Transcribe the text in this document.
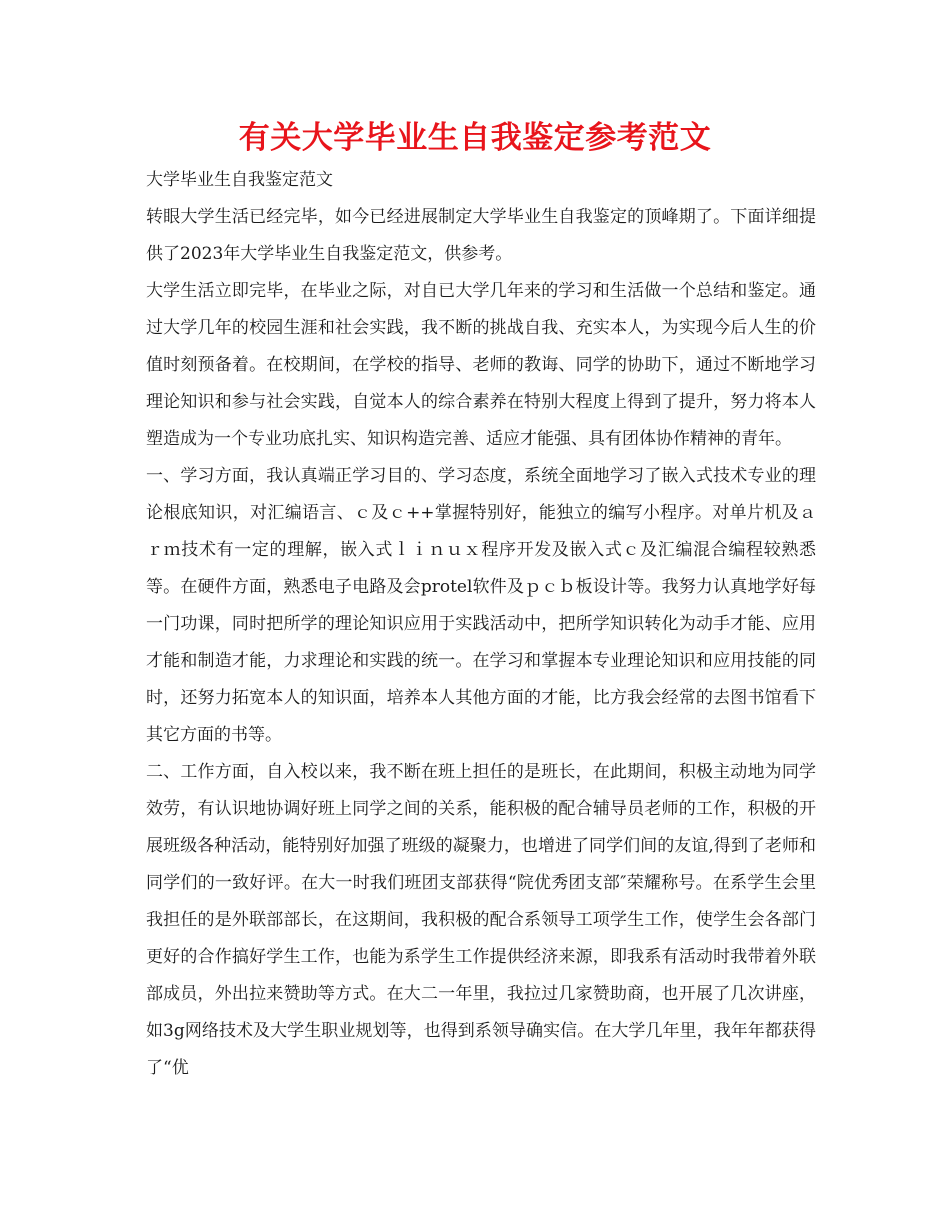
有关大学毕业生自我鉴定参考范文

大学毕业生自我鉴定范文

转眼大学生活已经完毕，如今已经进展制定大学毕业生自我鉴定的顶峰期了。下面详细提供了2023年大学毕业生自我鉴定范文，供参考。

大学生活立即完毕，在毕业之际，对自已大学几年来的学习和生活做一个总结和鉴定。通过大学几年的校园生涯和社会实践，我不断的挑战自我、充实本人，为实现今后人生的价值时刻预备着。在校期间，在学校的指导、老师的教诲、同学的协助下，通过不断地学习理论知识和参与社会实践，自觉本人的综合素养在特别大程度上得到了提升，努力将本人塑造成为一个专业功底扎实、知识构造完善、适应才能强、具有团体协作精神的青年。

一、学习方面，我认真端正学习目的、学习态度，系统全面地学习了嵌入式技术专业的理论根底知识，对汇编语言、ｃ及ｃ++掌握特别好，能独立的编写小程序。对单片机及ａｒｍ技术有一定的理解，嵌入式ｌｉｎｕｘ程序开发及嵌入式ｃ及汇编混合编程较熟悉等。在硬件方面，熟悉电子电路及会protel软件及ｐｃｂ板设计等。我努力认真地学好每一门功课，同时把所学的理论知识应用于实践活动中，把所学知识转化为动手才能、应用才能和制造才能，力求理论和实践的统一。在学习和掌握本专业理论知识和应用技能的同时，还努力拓宽本人的知识面，培养本人其他方面的才能，比方我会经常的去图书馆看下其它方面的书等。

二、工作方面，自入校以来，我不断在班上担任的是班长，在此期间，积极主动地为同学效劳，有认识地协调好班上同学之间的关系，能积极的配合辅导员老师的工作，积极的开展班级各种活动，能特别好加强了班级的凝聚力，也增进了同学们间的友谊,得到了老师和同学们的一致好评。在大一时我们班团支部获得“院优秀团支部″荣耀称号。在系学生会里我担任的是外联部部长，在这期间，我积极的配合系领导工项学生工作，使学生会各部门更好的合作搞好学生工作，也能为系学生工作提供经济来源，即我系有活动时我带着外联部成员，外出拉来赞助等方式。在大二一年里，我拉过几家赞助商，也开展了几次讲座，如3g网络技术及大学生职业规划等，也得到系领导确实信。在大学几年里，我年年都获得了“优
